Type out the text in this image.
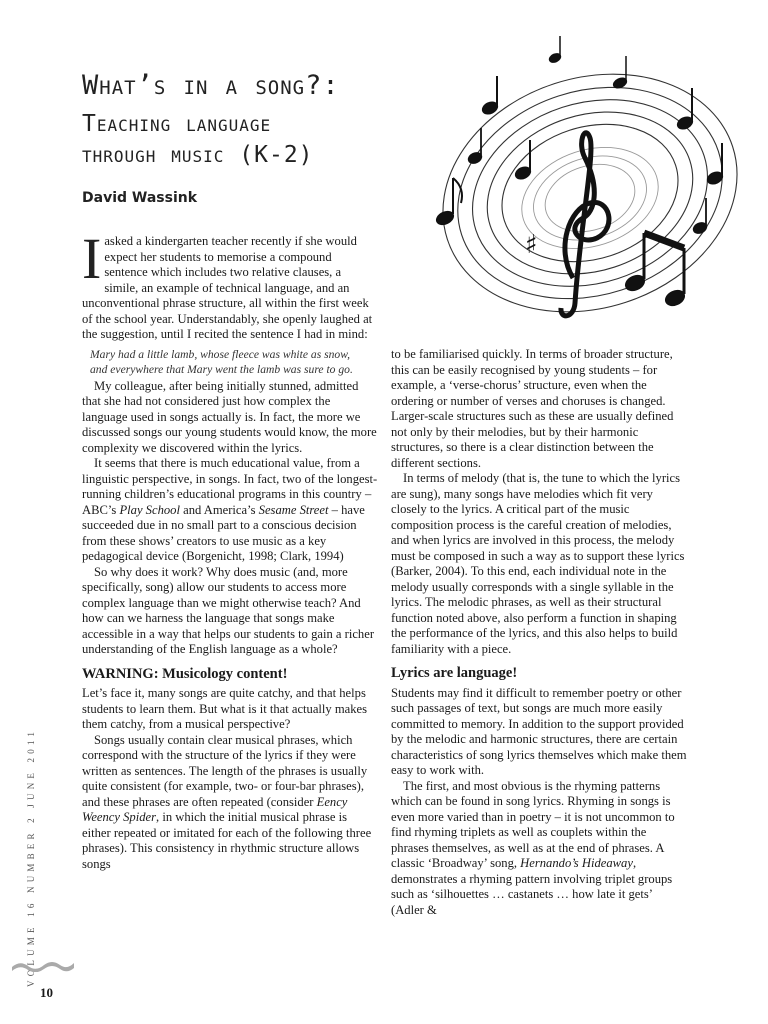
What’s in a song?:
Teaching language
through music (K-2)
David Wassink
♯

Iasked a kindergarten teacher recently if she would expect her students to memorise a compound sentence which includes two relative clauses, a simile, an example of technical language, and an unconventional phrase structure, all within the first week of the school year. Understandably, she openly laughed at the suggestion, until I recited the sentence I had in mind:

Mary had a little lamb, whose fleece was white as snow,
and everywhere that Mary went the lamb was sure to go.

My colleague, after being initially stunned, admitted that she had not considered just how complex the language used in songs actually is. In fact, the more we discussed songs our young students would know, the more complexity we discovered within the lyrics.

It seems that there is much educational value, from a linguistic perspective, in songs. In fact, two of the longest-running children’s educational programs in this country – ABC’s Play School and America’s Sesame Street – have succeeded due in no small part to a conscious decision from these shows’ creators to use music as a key pedagogical device (Borgenicht, 1998; Clark, 1994)

So why does it work? Why does music (and, more specifically, song) allow our students to access more complex language than we might otherwise teach? And how can we harness the language that songs make accessible in a way that helps our students to gain a richer understanding of the English language as a whole?

WARNING: Musicology content!

Let’s face it, many songs are quite catchy, and that helps students to learn them. But what is it that actually makes them catchy, from a musical perspective?

Songs usually contain clear musical phrases, which correspond with the structure of the lyrics if they were written as sentences. The length of the phrases is usually quite consistent (for example, two- or four-bar phrases), and these phrases are often repeated (consider Eency Weency Spider, in which the initial musical phrase is either repeated or imitated for each of the following three phrases). This consistency in rhythmic structure allows songs

to be familiarised quickly. In terms of broader structure, this can be easily recognised by young students – for example, a ‘verse-chorus’ structure, even when the ordering or number of verses and choruses is changed. Larger-scale structures such as these are usually defined not only by their melodies, but by their harmonic structures, so there is a clear distinction between the different sections.

In terms of melody (that is, the tune to which the lyrics are sung), many songs have melodies which fit very closely to the lyrics. A critical part of the music composition process is the careful creation of melodies, and when lyrics are involved in this process, the melody must be composed in such a way as to support these lyrics (Barker, 2004). To this end, each individual note in the melody usually corresponds with a single syllable in the lyrics. The melodic phrases, as well as their structural function noted above, also perform a function in shaping the performance of the lyrics, and this also helps to build familiarity with a piece.

Lyrics are language!

Students may find it difficult to remember poetry or other such passages of text, but songs are much more easily committed to memory. In addition to the support provided by the melodic and harmonic structures, there are certain characteristics of song lyrics themselves which make them easy to work with.

The first, and most obvious is the rhyming patterns which can be found in song lyrics. Rhyming in songs is even more varied than in poetry – it is not uncommon to find rhyming triplets as well as couplets within the phrases themselves, as well as at the end of phrases. A classic ‘Broadway’ song, Hernando’s Hideaway, demonstrates a rhyming pattern involving triplet groups such as ‘silhouettes … castanets … how late it gets’ (Adler &

VOLUME 16 NUMBER 2 JUNE 2011
10
